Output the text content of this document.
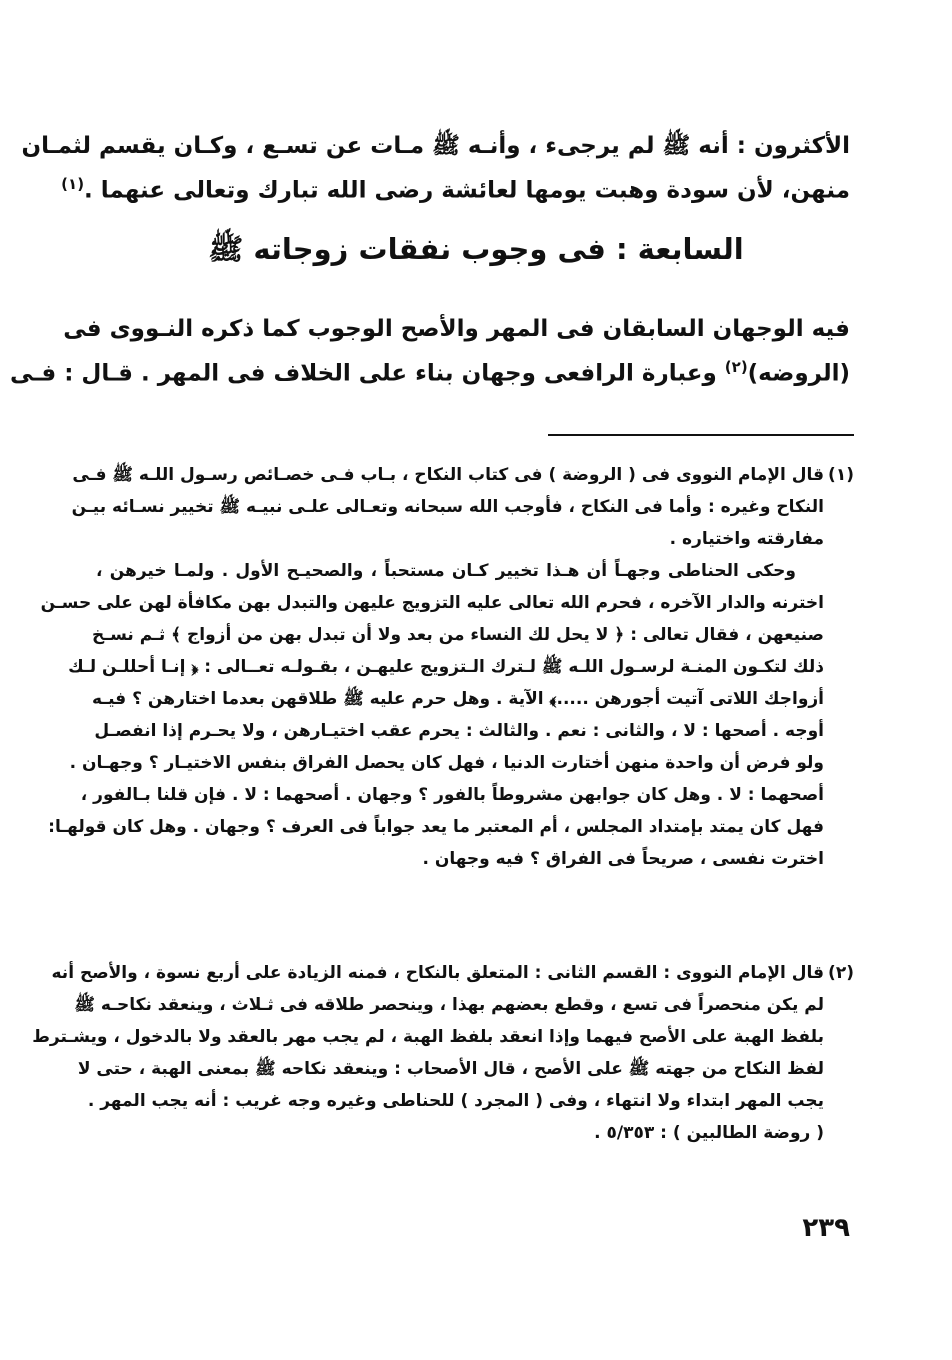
الأكثرون : أنه ﷺ لم يرجىء ، وأنـه ﷺ مـات عن تسـع ، وكـان يقسم لثمـان
منهن، لأن سودة وهبت يومها لعائشة رضى الله تبارك وتعالى عنهما .$^{(١)}$
السابعة : فى وجوب نفقات زوجاته ﷺ
فيه الوجهان السابقان فى المهر والأصح الوجوب كما ذكره النـووى فى
(الروضه)$^{(٢)}$ وعبارة الرافعى وجهان بناء على الخلاف فى المهر . قـال : فـى
(١)
قال الإمام النووى فى ( الروضة ) فى كتاب النكاح ، بـاب فـى خصـائص رسـول اللـه ﷺ فـى
النكاح وغيره : وأما فى النكاح ، فأوجب الله سبحانه وتعـالى علـى نبيـه ﷺ تخيير نسـائه بيـن
مفارقته واختياره .
وحكى الحناطى وجهـاً أن هـذا تخيير كـان مستحباً ، والصحيـح الأول . ولمـا خيرهن ،
اخترنه والدار الآخره ، فحرم الله تعالى عليه التزويج عليهن والتبدل بهن مكافأة لهن على حسـن
صنيعهن ، فقال تعالى : ﴿ لا يحل لك النساء من بعد ولا أن تبدل بهن من أزواج ﴾ ثـم نسـخ
ذلك لتكـون المنـة لرسـول اللـه ﷺ لـترك الـتزويج عليهـن ، بقـولـه تعــالى : ﴿ إنـا أحللـن لـك
أزواجك اللاتى آتيت أجورهن .....﴾ الآية . وهل حرم عليه ﷺ طلاقهن بعدما اختارهن ؟ فيـه
أوجه . أصحها : لا ، والثانى : نعم . والثالث : يحرم عقب اختيـارهن ، ولا يحـرم إذا انفصـل
ولو فرض أن واحدة منهن أختارت الدنيا ، فهل كان يحصل الفراق بنفس الاختيـار ؟ وجهـان .
أصحهما : لا . وهل كان جوابهن مشروطاً بالفور ؟ وجهان . أصحهما : لا . فإن قلنا بـالفور ،
فهل كان يمتد بإمتداد المجلس ، أم المعتبر ما يعد جواباً فى العرف ؟ وجهان . وهل كان قولهـا:
اخترت نفسى ، صريحاً فى الفراق ؟ فيه وجهان .
(٢)
قال الإمام النووى : القسم الثانى : المتعلق بالنكاح ، فمنه الزيادة على أربع نسوة ، والأصح أنه
لم يكن منحصراً فى تسع ، وقطع بعضهم بهذا ، وينحصر طلاقه فى ثـلاث ، وينعقد نكاحـه ﷺ
بلفظ الهبة على الأصح فيهما وإذا انعقد بلفظ الهبة ، لم يجب مهر بالعقد ولا بالدخول ، ويشـترط
لفظ النكاح من جهته ﷺ على الأصح ، قال الأصحاب : وينعقد نكاحه ﷺ بمعنى الهبة ، حتى لا
يجب المهر ابتداء ولا انتهاء ، وفى ( المجرد ) للحناطى وغيره وجه غريب : أنه يجب المهر .
( روضة الطالبين ) : ٥/٣٥٣ .
٢٣٩
